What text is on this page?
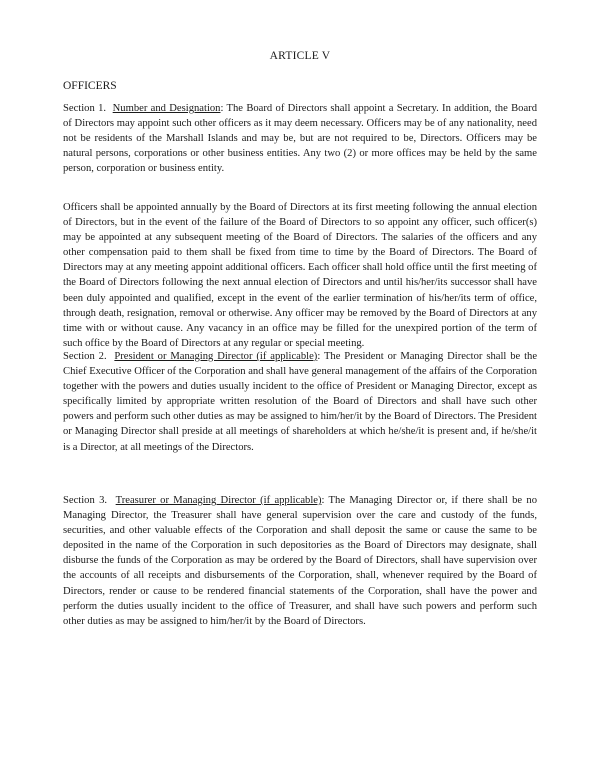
ARTICLE V
OFFICERS

Section 1. Number and Designation: The Board of Directors shall appoint a Secretary. In addition, the Board of Directors may appoint such other officers as it may deem necessary. Officers may be of any nationality, need not be residents of the Marshall Islands and may be, but are not required to be, Directors. Officers may be natural persons, corporations or other business entities. Any two (2) or more offices may be held by the same person, corporation or business entity.

Officers shall be appointed annually by the Board of Directors at its first meeting following the annual election of Directors, but in the event of the failure of the Board of Directors to so appoint any officer, such officer(s) may be appointed at any subsequent meeting of the Board of Directors. The salaries of the officers and any other compensation paid to them shall be fixed from time to time by the Board of Directors. The Board of Directors may at any meeting appoint additional officers. Each officer shall hold office until the first meeting of the Board of Directors following the next annual election of Directors and until his/her/its successor shall have been duly appointed and qualified, except in the event of the earlier termination of his/her/its term of office, through death, resignation, removal or otherwise. Any officer may be removed by the Board of Directors at any time with or without cause. Any vacancy in an office may be filled for the unexpired portion of the term of such office by the Board of Directors at any regular or special meeting.

Section 2. President or Managing Director (if applicable): The President or Managing Director shall be the Chief Executive Officer of the Corporation and shall have general management of the affairs of the Corporation together with the powers and duties usually incident to the office of President or Managing Director, except as specifically limited by appropriate written resolution of the Board of Directors and shall have such other powers and perform such other duties as may be assigned to him/her/it by the Board of Directors. The President or Managing Director shall preside at all meetings of shareholders at which he/she/it is present and, if he/she/it is a Director, at all meetings of the Directors.

Section 3. Treasurer or Managing Director (if applicable): The Managing Director or, if there shall be no Managing Director, the Treasurer shall have general supervision over the care and custody of the funds, securities, and other valuable effects of the Corporation and shall deposit the same or cause the same to be deposited in the name of the Corporation in such depositories as the Board of Directors may designate, shall disburse the funds of the Corporation as may be ordered by the Board of Directors, shall have supervision over the accounts of all receipts and disbursements of the Corporation, shall, whenever required by the Board of Directors, render or cause to be rendered financial statements of the Corporation, shall have the power and perform the duties usually incident to the office of Treasurer, and shall have such powers and perform such other duties as may be assigned to him/her/it by the Board of Directors.
